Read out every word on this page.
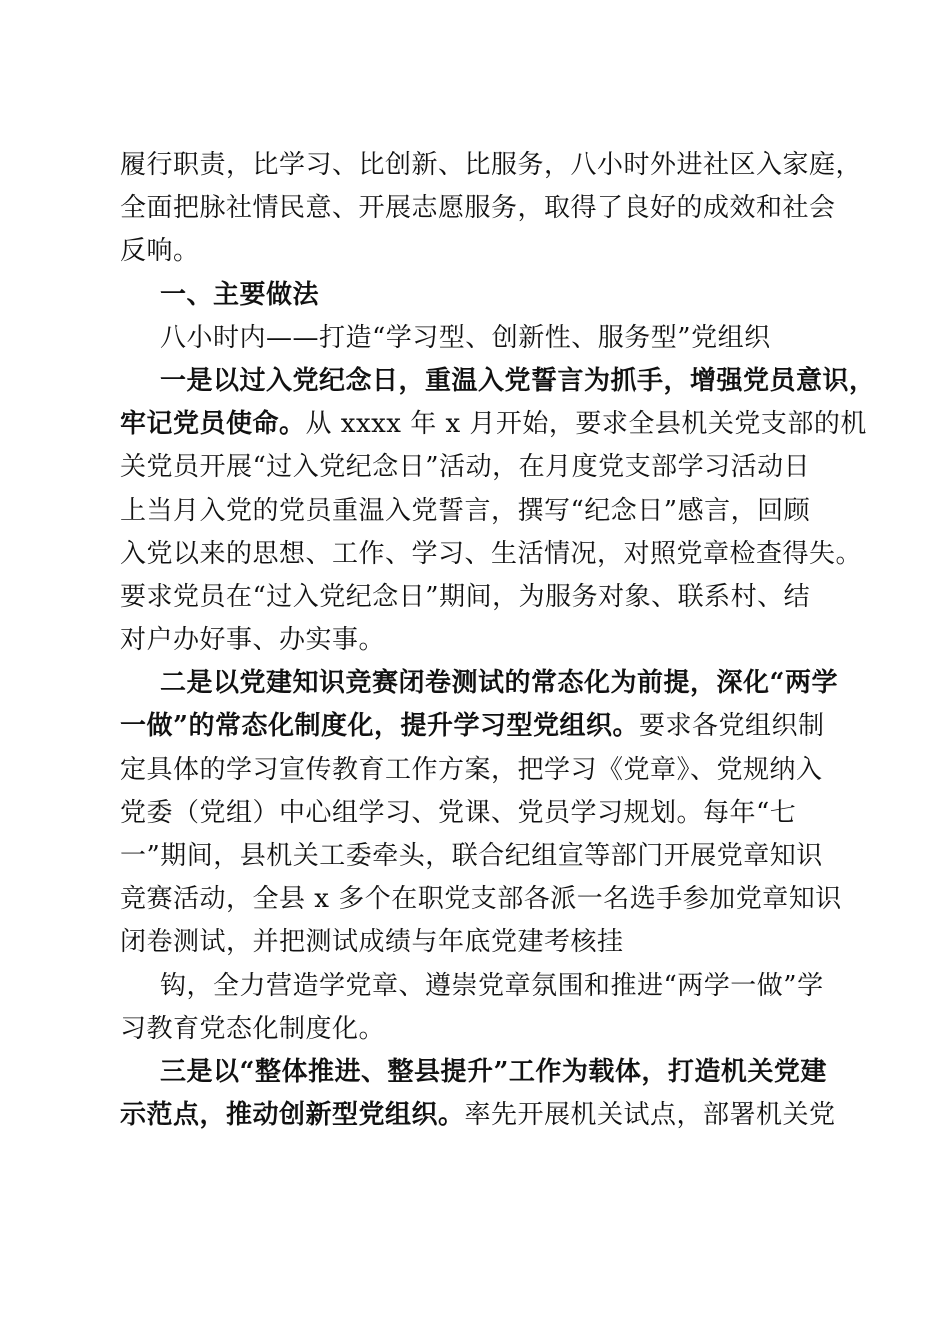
履行职责，比学习、比创新、比服务，八小时外进社区入家庭，
全面把脉社情民意、开展志愿服务，取得了良好的成效和社会
反响。
一、主要做法
八小时内——打造“学习型、创新性、服务型”党组织
一是以过入党纪念日，重温入党誓言为抓手，增强党员意识，
牢记党员使命。从 xxxx 年 x 月开始，要求全县机关党支部的机
关党员开展“过入党纪念日”活动，在月度党支部学习活动日
上当月入党的党员重温入党誓言，撰写“纪念日”感言，回顾
入党以来的思想、工作、学习、生活情况，对照党章检查得失。
要求党员在“过入党纪念日”期间，为服务对象、联系村、结
对户办好事、办实事。
二是以党建知识竞赛闭卷测试的常态化为前提，深化“两学
一做”的常态化制度化，提升学习型党组织。要求各党组织制
定具体的学习宣传教育工作方案，把学习《党章》、党规纳入
党委（党组）中心组学习、党课、党员学习规划。每年“七
一”期间，县机关工委牵头，联合纪组宣等部门开展党章知识
竞赛活动，全县 x 多个在职党支部各派一名选手参加党章知识
闭卷测试，并把测试成绩与年底党建考核挂
钩，全力营造学党章、遵崇党章氛围和推进“两学一做”学
习教育党态化制度化。
三是以“整体推进、整县提升”工作为载体，打造机关党建
示范点，推动创新型党组织。率先开展机关试点，部署机关党
